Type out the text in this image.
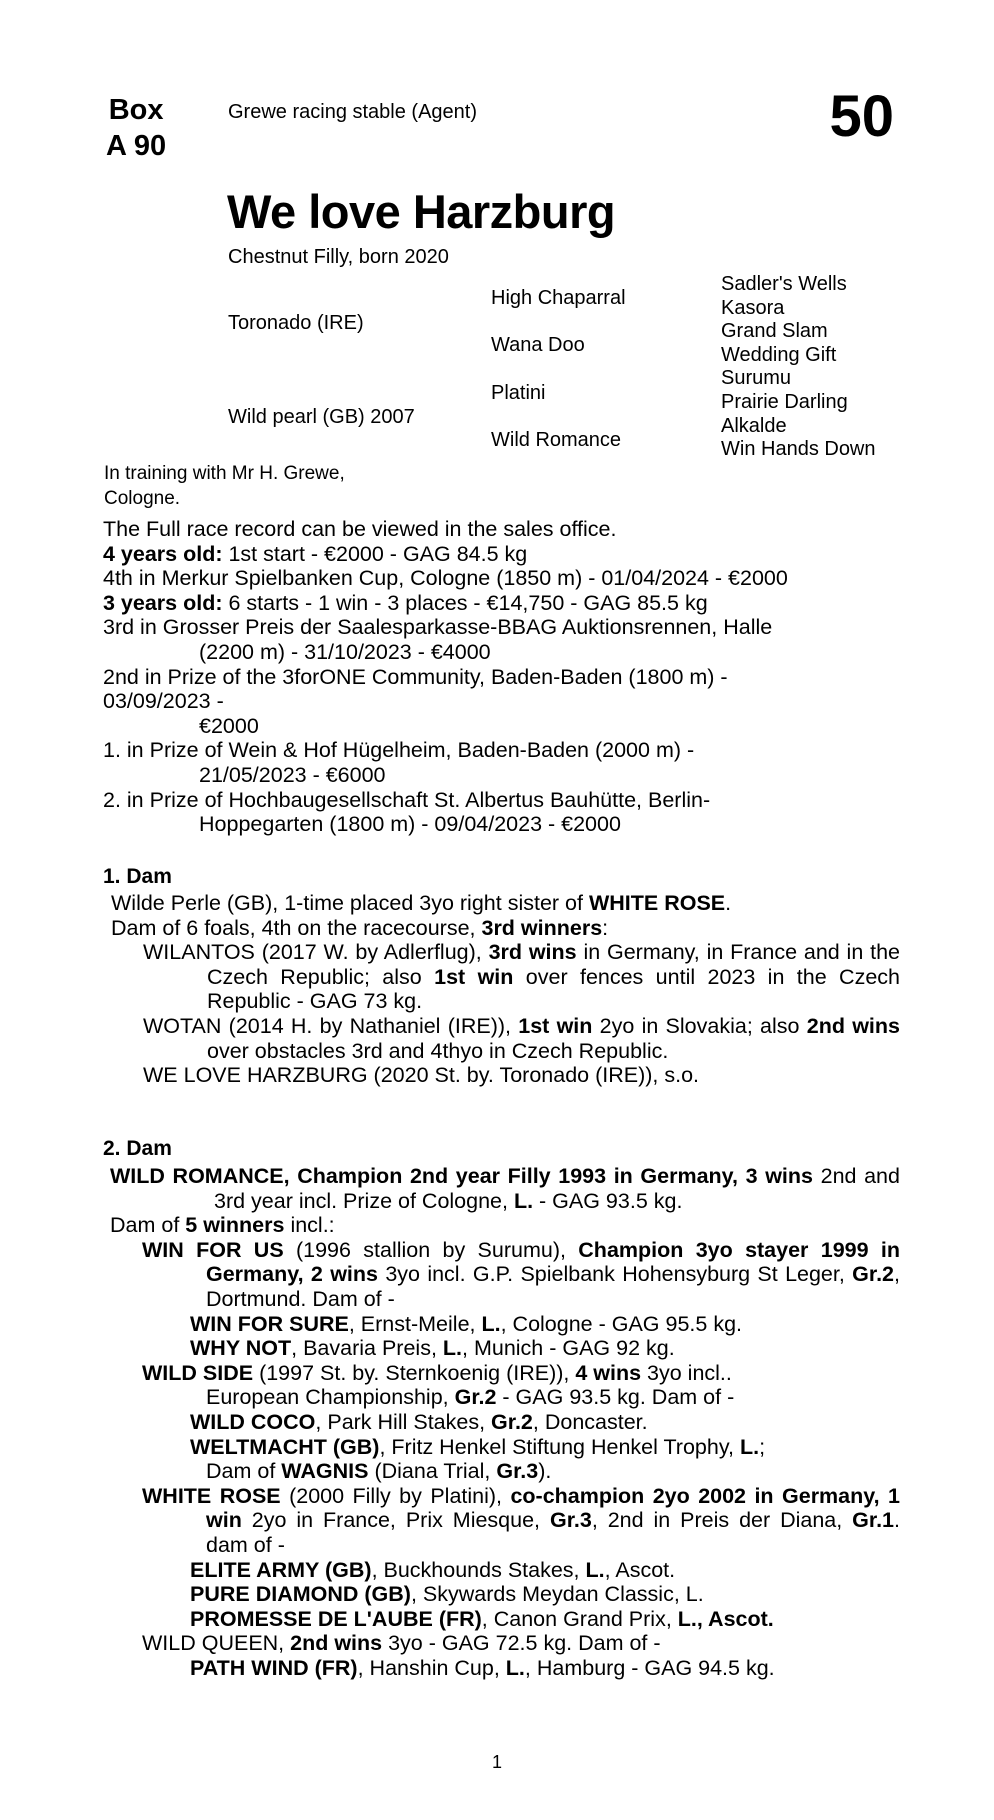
Box
A 90
Grewe racing stable (Agent)	50
We love Harzburg
Chestnut Filly, born 2020
Toronado (IRE)
Wild pearl (GB) 2007
High Chaparral
Wana Doo
Platini
Wild Romance
Sadler's Wells
Kasora
Grand Slam
Wedding Gift
Surumu
Prairie Darling
Alkalde
Win Hands Down
In training with Mr H. Grewe,
Cologne.

The Full race record can be viewed in the sales office.

4 years old: 1st start - €2000 - GAG 84.5 kg

4th in Merkur Spielbanken Cup, Cologne (1850 m) - 01/04/2024 - €2000

3 years old: 6 starts - 1 win - 3 places - €14,750 - GAG 85.5 kg

3rd in Grosser Preis der Saalesparkasse-BBAG Auktionsrennen, Halle
(2200 m) - 31/10/2023 - €4000

2nd in Prize of the 3forONE Community, Baden-Baden (1800 m) -
03/09/2023 -
€2000

1. in Prize of Wein & Hof Hügelheim, Baden-Baden (2000 m) -
21/05/2023 - €6000

2. in Prize of Hochbaugesellschaft St. Albertus Bauhütte, Berlin-
Hoppegarten (1800 m) - 09/04/2023 - €2000

1. Dam

Wilde Perle (GB), 1-time placed 3yo right sister of WHITE ROSE.

Dam of 6 foals, 4th on the racecourse, 3rd winners:

WILANTOS (2017 W. by Adlerflug), 3rd wins in Germany, in France and in the Czech Republic; also 1st win over fences until 2023 in the Czech Republic - GAG 73 kg.

WOTAN (2014 H. by Nathaniel (IRE)), 1st win 2yo in Slovakia; also 2nd wins over obstacles 3rd and 4thyo in Czech Republic.

WE LOVE HARZBURG (2020 St. by. Toronado (IRE)), s.o.

2. Dam

WILD ROMANCE, Champion 2nd year Filly 1993 in Germany, 3 wins 2nd and 3rd year incl. Prize of Cologne, L. - GAG 93.5 kg.

Dam of 5 winners incl.:

WIN FOR US (1996 stallion by Surumu), Champion 3yo stayer 1999 in Germany, 2 wins 3yo incl. G.P. Spielbank Hohensyburg St Leger, Gr.2, Dortmund. Dam of -

WIN FOR SURE, Ernst-Meile, L., Cologne - GAG 95.5 kg.

WHY NOT, Bavaria Preis, L., Munich - GAG 92 kg.

WILD SIDE (1997 St. by. Sternkoenig (IRE)), 4 wins 3yo incl..
European Championship, Gr.2 - GAG 93.5 kg. Dam of -

WILD COCO, Park Hill Stakes, Gr.2, Doncaster.

WELTMACHT (GB), Fritz Henkel Stiftung Henkel Trophy, L.;
Dam of WAGNIS (Diana Trial, Gr.3).

WHITE ROSE (2000 Filly by Platini), co-champion 2yo 2002 in Germany, 1 win 2yo in France, Prix Miesque, Gr.3, 2nd in Preis der Diana, Gr.1. dam of -

ELITE ARMY (GB), Buckhounds Stakes, L., Ascot.

PURE DIAMOND (GB), Skywards Meydan Classic, L.

PROMESSE DE L'AUBE (FR), Canon Grand Prix, L., Ascot.

WILD QUEEN, 2nd wins 3yo - GAG 72.5 kg. Dam of -

PATH WIND (FR), Hanshin Cup, L., Hamburg - GAG 94.5 kg.

1
